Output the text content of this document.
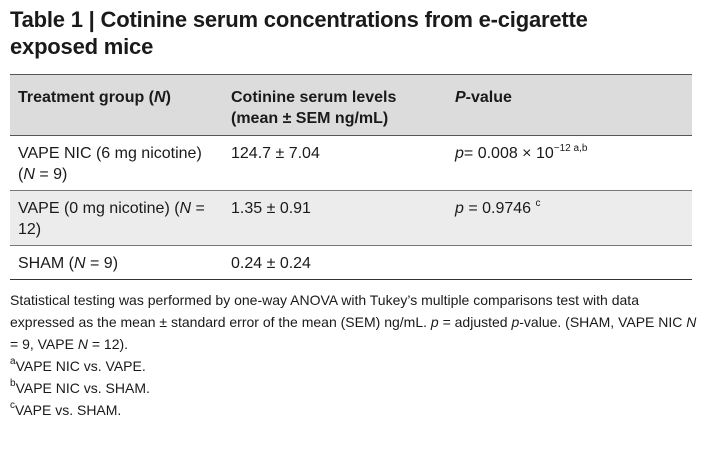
Table 1 | Cotinine serum concentrations from e-cigarette exposed mice
Treatment group (N)	Cotinine serum levels (mean ± SEM ng/mL)	P-value
VAPE NIC (6 mg nicotine) (N = 9)	124.7 ± 7.04	$p= 0.008 \times 10^{-12 a,b}$
VAPE (0 mg nicotine) (N = 12)	1.35 ± 0.91	p = 0.9746 $^c$
SHAM (N = 9)	0.24 ± 0.24	

Statistical testing was performed by one-way ANOVA with Tukey’s multiple comparisons test with data expressed as the mean ± standard error of the mean (SEM) ng/mL. p = adjusted p-value. (SHAM, VAPE NIC N = 9, VAPE N = 12).

$^a$VAPE NIC vs. VAPE.

$^b$VAPE NIC vs. SHAM.

$^c$VAPE vs. SHAM.
